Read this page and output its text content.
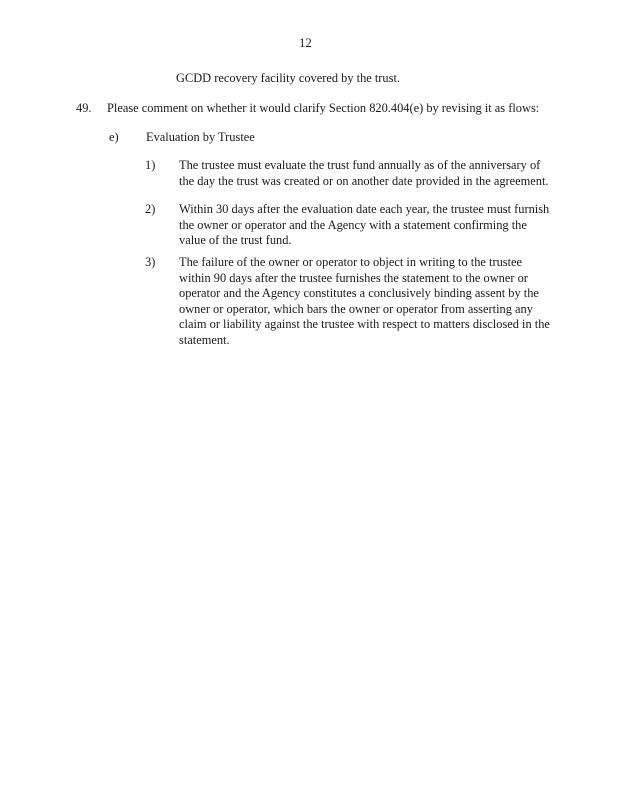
12
GCDD recovery facility covered by the trust.
49. Please comment on whether it would clarify Section 820.404(e) by revising it as flows:
e) Evaluation by Trustee
1) The trustee must evaluate the trust fund annually as of the anniversary of
the day the trust was created or on another date provided in the agreement.
2) Within 30 days after the evaluation date each year, the trustee must furnish
the owner or operator and the Agency with a statement confirming the
value of the trust fund.
3) The failure of the owner or operator to object in writing to the trustee
within 90 days after the trustee furnishes the statement to the owner or
operator and the Agency constitutes a conclusively binding assent by the
owner or operator, which bars the owner or operator from asserting any
claim or liability against the trustee with respect to matters disclosed in the
statement.
